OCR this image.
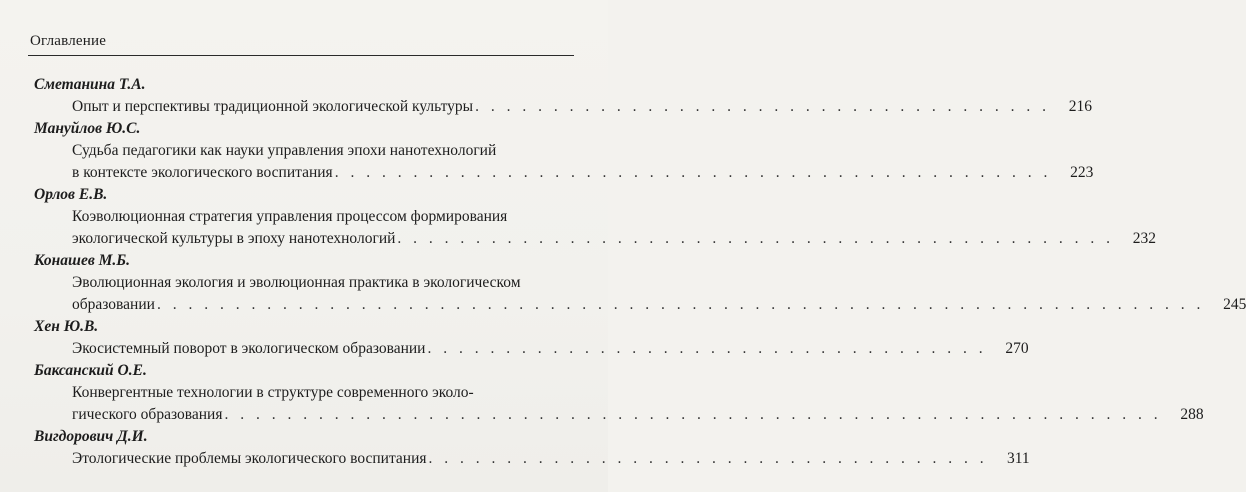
Оглавление
Сметанина Т.А.
Опыт и перспективы традиционной экологической культуры . . . . . . . . . . . . . . . . . . . . . . . . . . . . . . . . . . . . .	216
Мануйлов Ю.С.
Судьба педагогики как науки управления эпохи нанотехнологий
в контексте экологического воспитания . . . . . . . . . . . . . . . . . . . . . . . . . . . . . . . . . . . . . . . . . . . . . .	223
Орлов Е.В.
Коэволюционная стратегия управления процессом формирования
экологической культуры в эпоху нанотехнологий . . . . . . . . . . . . . . . . . . . . . . . . . . . . . . . . . . . . . . . . . . . . . .	232
Конашев М.Б.
Эволюционная экология и эволюционная практика в экологическом
образовании . . . . . . . . . . . . . . . . . . . . . . . . . . . . . . . . . . . . . . . . . . . . . . . . . . . . . . . . . . . . . . . . . . .	245
Хен Ю.В.
Экосистемный поворот в экологическом образовании . . . . . . . . . . . . . . . . . . . . . . . . . . . . . . . . . . . .	270
Баксанский О.Е.
Конвергентные технологии в структуре современного эколо-
гического образования . . . . . . . . . . . . . . . . . . . . . . . . . . . . . . . . . . . . . . . . . . . . . . . . . . . . . . . . . . . .	288
Вигдорович Д.И.
Этологические проблемы экологического воспитания . . . . . . . . . . . . . . . . . . . . . . . . . . . . . . . . . . . .	311
